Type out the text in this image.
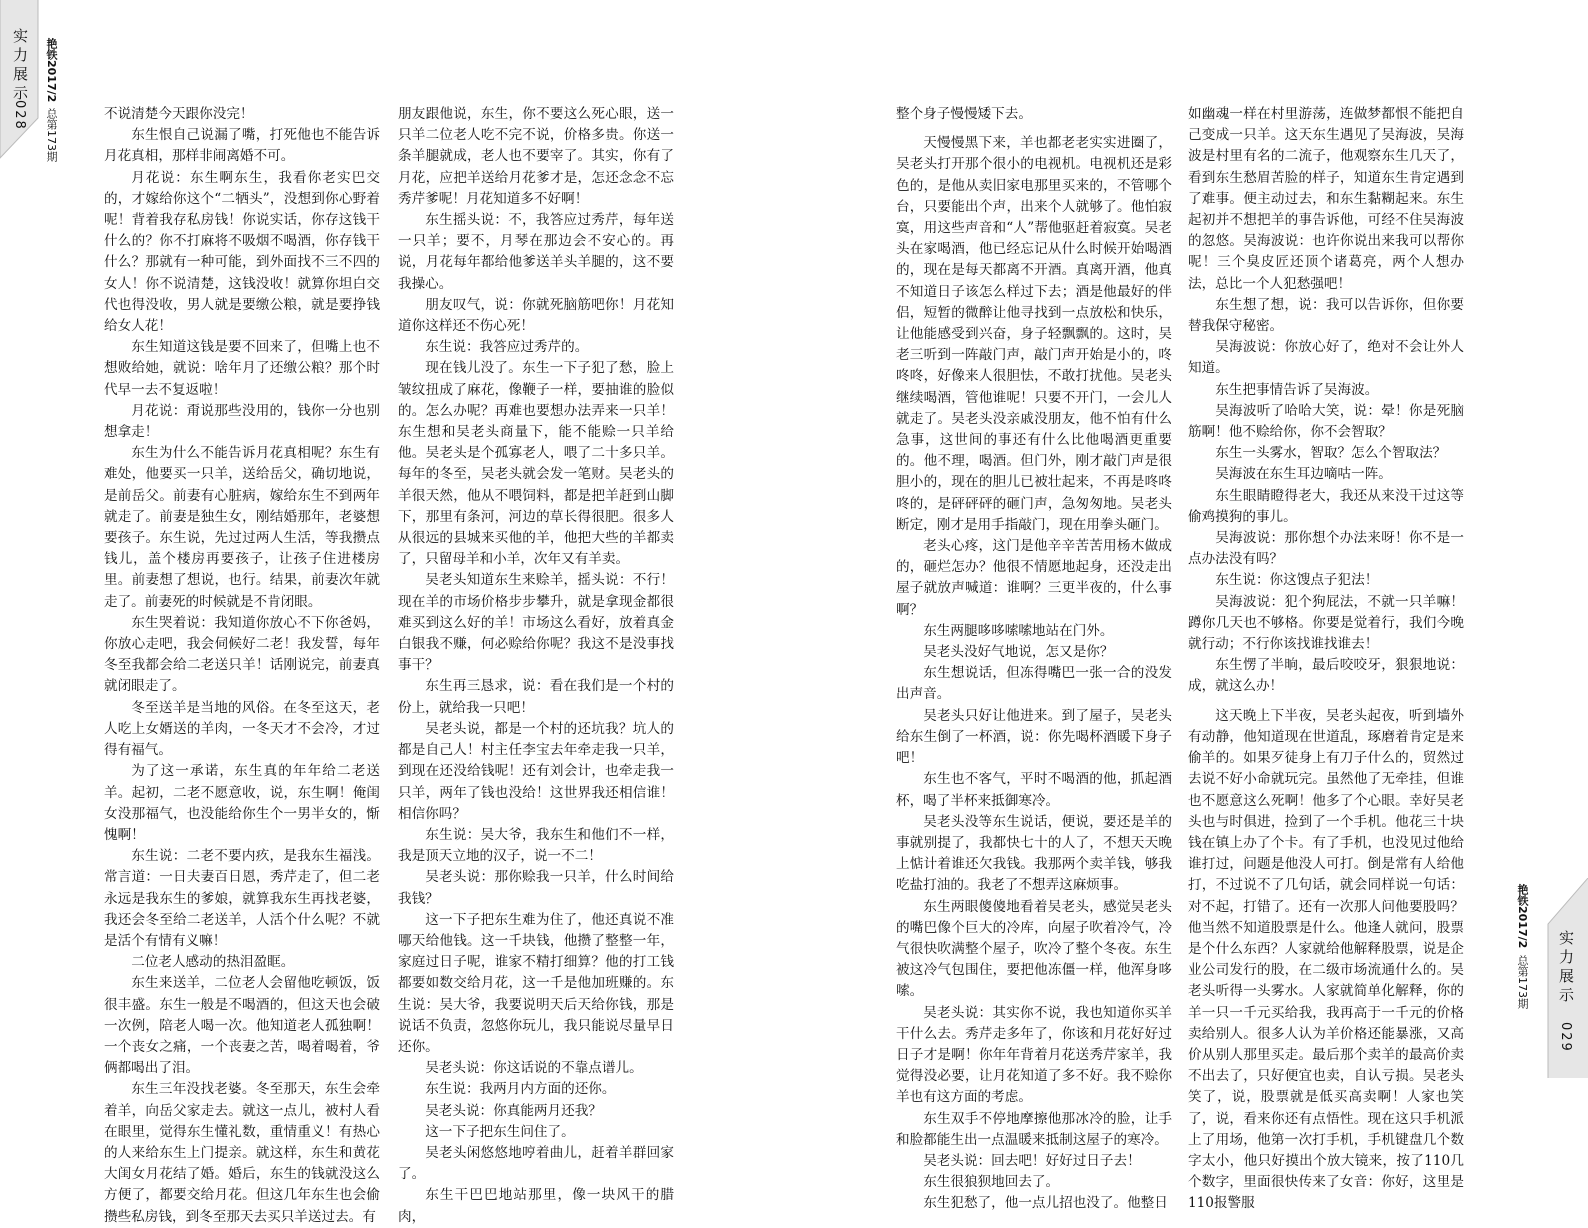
实力展示
028
艳铁2017/2
总第173期	不说清楚今天跟你没完！

东生恨自己说漏了嘴，打死他也不能告诉月花真相，那样非闹离婚不可。

月花说：东生啊东生，我看你老实巴交的，才嫁给你这个“二牺头”，没想到你心野着呢！背着我存私房钱！你说实话，你存这钱干什么的？你不打麻将不吸烟不喝酒，你存钱干什么？那就有一种可能，到外面找不三不四的女人！你不说清楚，这钱没收！就算你坦白交代也得没收，男人就是要缴公粮，就是要挣钱给女人花！

东生知道这钱是要不回来了，但嘴上也不想败给她，就说：啥年月了还缴公粮？那个时代早一去不复返啦！

月花说：甭说那些没用的，钱你一分也别想拿走！

东生为什么不能告诉月花真相呢？东生有难处，他要买一只羊，送给岳父，确切地说，是前岳父。前妻有心脏病，嫁给东生不到两年就走了。前妻是独生女，刚结婚那年，老婆想要孩子。东生说，先过过两人生活，等我攒点钱儿，盖个楼房再要孩子，让孩子住进楼房里。前妻想了想说，也行。结果，前妻次年就走了。前妻死的时候就是不肯闭眼。

东生哭着说：我知道你放心不下你爸妈，你放心走吧，我会伺候好二老！我发誓，每年冬至我都会给二老送只羊！话刚说完，前妻真就闭眼走了。

冬至送羊是当地的风俗。在冬至这天，老人吃上女婿送的羊肉，一冬天才不会冷，才过得有福气。

为了这一承诺，东生真的年年给二老送羊。起初，二老不愿意收，说，东生啊！俺闺女没那福气，也没能给你生个一男半女的，惭愧啊！

东生说：二老不要内疚，是我东生福浅。常言道：一日夫妻百日恩，秀芹走了，但二老永远是我东生的爹娘，就算我东生再找老婆，我还会冬至给二老送羊，人活个什么呢？不就是活个有情有义嘛！

二位老人感动的热泪盈眶。

东生来送羊，二位老人会留他吃顿饭，饭很丰盛。东生一般是不喝酒的，但这天也会破一次例，陪老人喝一次。他知道老人孤独啊！一个丧女之痛，一个丧妻之苦，喝着喝着，爷俩都喝出了泪。

东生三年没找老婆。冬至那天，东生会牵着羊，向岳父家走去。就这一点儿，被村人看在眼里，觉得东生懂礼数，重情重义！有热心的人来给东生上门提亲。就这样，东生和黄花大闺女月花结了婚。婚后，东生的钱就没这么方便了，都要交给月花。但这几年东生也会偷攒些私房钱，到冬至那天去买只羊送过去。有

朋友跟他说，东生，你不要这么死心眼，送一只羊二位老人吃不完不说，价格多贵。你送一条羊腿就成，老人也不要宰了。其实，你有了月花，应把羊送给月花爹才是，怎还念念不忘秀芹爹呢！月花知道多不好啊！

东生摇头说：不，我答应过秀芹，每年送一只羊；要不，月琴在那边会不安心的。再说，月花每年都给他爹送羊头羊腿的，这不要我操心。

朋友叹气，说：你就死脑筋吧你！月花知道你这样还不伤心死！

东生说：我答应过秀芹的。

现在钱儿没了。东生一下子犯了愁，脸上皱纹扭成了麻花，像鞭子一样，要抽谁的脸似的。怎么办呢？再难也要想办法弄来一只羊！东生想和吴老头商量下，能不能赊一只羊给他。吴老头是个孤寡老人，喂了二十多只羊。每年的冬至，吴老头就会发一笔财。吴老头的羊很天然，他从不喂饲料，都是把羊赶到山脚下，那里有条河，河边的草长得很肥。很多人从很远的县城来买他的羊，他把大些的羊都卖了，只留母羊和小羊，次年又有羊卖。

吴老头知道东生来赊羊，摇头说：不行！现在羊的市场价格步步攀升，就是拿现金都很难买到这么好的羊！市场这么看好，放着真金白银我不赚，何必赊给你呢？我这不是没事找事干？

东生再三恳求，说：看在我们是一个村的份上，就给我一只吧！

吴老头说，都是一个村的还坑我？坑人的都是自己人！村主任李宝去年牵走我一只羊，到现在还没给钱呢！还有刘会计，也牵走我一只羊，两年了钱也没给！这世界我还相信谁！相信你吗？

东生说：吴大爷，我东生和他们不一样，我是顶天立地的汉子，说一不二！

吴老头说：那你赊我一只羊，什么时间给我钱？

这一下子把东生难为住了，他还真说不准哪天给他钱。这一千块钱，他攒了整整一年，家庭过日子呢，谁家不精打细算？他的打工钱都要如数交给月花，这一千是他加班赚的。东生说：吴大爷，我要说明天后天给你钱，那是说话不负责，忽悠你玩儿，我只能说尽量早日还你。

吴老头说：你这话说的不靠点谱儿。

东生说：我两月内方面的还你。

吴老头说：你真能两月还我？

这一下子把东生问住了。

吴老头闲悠悠地哼着曲儿，赶着羊群回家了。

东生干巴巴地站那里，像一块风干的腊肉，

整个身子慢慢矮下去。

天慢慢黑下来，羊也都老老实实进圈了，吴老头打开那个很小的电视机。电视机还是彩色的，是他从卖旧家电那里买来的，不管哪个台，只要能出个声，出来个人就够了。他怕寂寞，用这些声音和“人”帮他驱赶着寂寞。吴老头在家喝酒，他已经忘记从什么时候开始喝酒的，现在是每天都离不开酒。真离开酒，他真不知道日子该怎么样过下去；酒是他最好的伴侣，短暂的微醉让他寻找到一点放松和快乐，让他能感受到兴奋，身子轻飘飘的。这时，吴老三听到一阵敲门声，敲门声开始是小的，咚咚咚，好像来人很胆怯，不敢打扰他。吴老头继续喝酒，管他谁呢！只要不开门，一会儿人就走了。吴老头没亲戚没朋友，他不怕有什么急事，这世间的事还有什么比他喝酒更重要的。他不理，喝酒。但门外，刚才敲门声是很胆小的，现在的胆儿已被壮起来，不再是咚咚咚的，是砰砰砰的砸门声，急匆匆地。吴老头断定，刚才是用手指敲门，现在用拳头砸门。

老头心疼，这门是他辛辛苦苦用杨木做成的，砸烂怎办？他很不情愿地起身，还没走出屋子就放声喊道：谁啊？三更半夜的，什么事啊？

东生两腿哆哆嗦嗦地站在门外。

吴老头没好气地说，怎又是你？

东生想说话，但冻得嘴巴一张一合的没发出声音。

吴老头只好让他进来。到了屋子，吴老头给东生倒了一杯酒，说：你先喝杯酒暖下身子吧！

东生也不客气，平时不喝酒的他，抓起酒杯，喝了半杯来抵御寒冷。

吴老头没等东生说话，便说，要还是羊的事就别提了，我都快七十的人了，不想天天晚上惦计着谁还欠我钱。我那两个卖羊钱，够我吃盐打油的。我老了不想弄这麻烦事。

东生两眼傻傻地看着吴老头，感觉吴老头的嘴巴像个巨大的冷库，向屋子吹着冷气，冷气很快吹满整个屋子，吹冷了整个冬夜。东生被这冷气包围住，要把他冻僵一样，他浑身哆嗦。

吴老头说：其实你不说，我也知道你买羊干什么去。秀芹走多年了，你该和月花好好过日子才是啊！你年年背着月花送秀芹家羊，我觉得没必要，让月花知道了多不好。我不赊你羊也有这方面的考虑。

东生双手不停地摩擦他那冰冷的脸，让手和脸都能生出一点温暖来抵制这屋子的寒冷。

吴老头说：回去吧！好好过日子去！

东生很狼狈地回去了。

东生犯愁了，他一点儿招也没了。他整日

如幽魂一样在村里游荡，连做梦都恨不能把自己变成一只羊。这天东生遇见了吴海波，吴海波是村里有名的二流子，他观察东生几天了，看到东生愁眉苦脸的样子，知道东生肯定遇到了难事。便主动过去，和东生黏糊起来。东生起初并不想把羊的事告诉他，可经不住吴海波的忽悠。吴海波说：也许你说出来我可以帮你呢！三个臭皮匠还顶个诸葛亮，两个人想办法，总比一个人犯愁强吧！

东生想了想，说：我可以告诉你，但你要替我保守秘密。

吴海波说：你放心好了，绝对不会让外人知道。

东生把事情告诉了吴海波。

吴海波听了哈哈大笑，说：晕！你是死脑筋啊！他不赊给你，你不会智取？

东生一头雾水，智取？怎么个智取法？

吴海波在东生耳边嘀咕一阵。

东生眼睛瞪得老大，我还从来没干过这等偷鸡摸狗的事儿。

吴海波说：那你想个办法来呀！你不是一点办法没有吗？

东生说：你这馊点子犯法！

吴海波说：犯个狗屁法，不就一只羊嘛！蹲你几天也不够格。你要是觉着行，我们今晚就行动；不行你该找谁找谁去！

东生愣了半晌，最后咬咬牙，狠狠地说：成，就这么办！

这天晚上下半夜，吴老头起夜，听到墙外有动静，他知道现在世道乱，琢磨着肯定是来偷羊的。如果歹徒身上有刀子什么的，贸然过去说不好小命就玩完。虽然他了无牵挂，但谁也不愿意这么死啊！他多了个心眼。幸好吴老头也与时俱进，捡到了一个手机。他花三十块钱在镇上办了个卡。有了手机，也没见过他给谁打过，问题是他没人可打。倒是常有人给他打，不过说不了几句话，就会同样说一句话：对不起，打错了。还有一次那人问他要股吗？他当然不知道股票是什么。他逢人就问，股票是个什么东西？人家就给他解释股票，说是企业公司发行的股，在二级市场流通什么的。吴老头听得一头雾水。人家就简单化解释，你的羊一只一千元买给我，我再高于一千元的价格卖给别人。很多人认为羊价格还能暴涨，又高价从别人那里买走。最后那个卖羊的最高价卖不出去了，只好便宜也卖，自认亏损。吴老头笑了，说，股票就是低买高卖啊！人家也笑了，说，看来你还有点悟性。现在这只手机派上了用场，他第一次打手机，手机键盘几个数字太小，他只好摸出个放大镜来，按了110几个数字，里面很快传来了女音：你好，这里是110报警服

艳铁2017/2
总第173期 实力展示
029
